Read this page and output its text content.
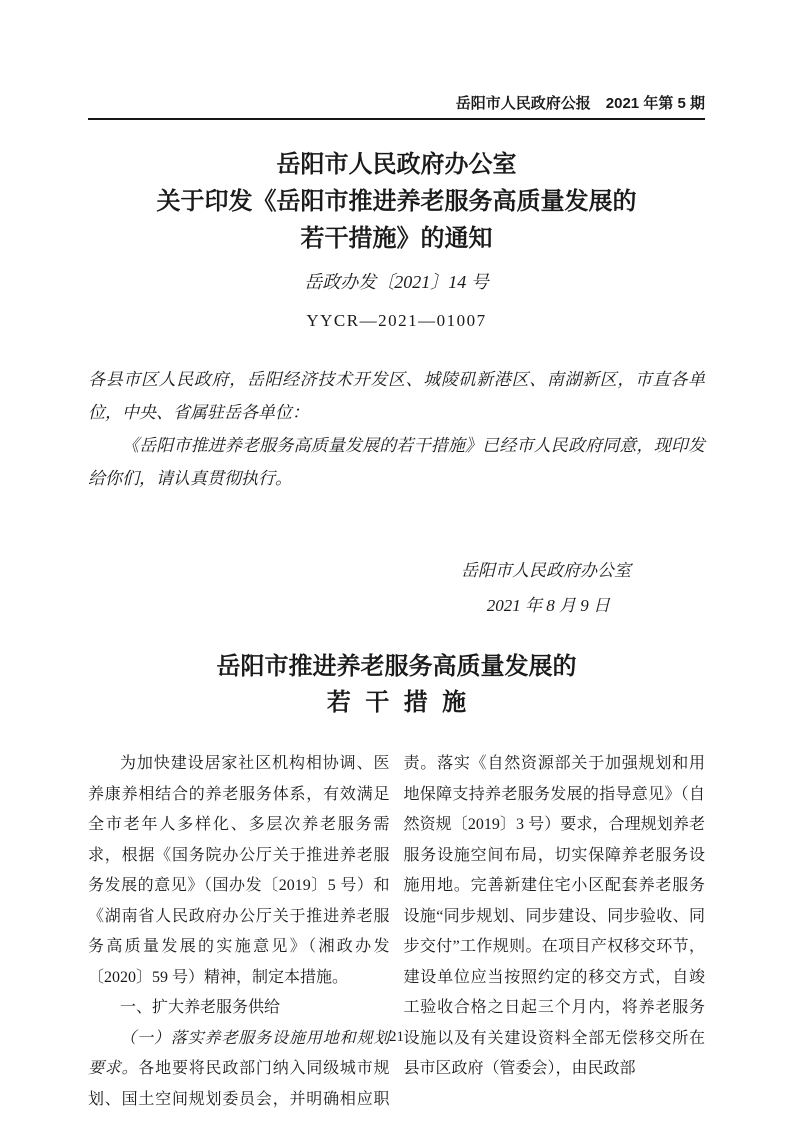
岳阳市人民政府公报 2021 年第 5 期
岳阳市人民政府办公室
关于印发《岳阳市推进养老服务高质量发展的
若干措施》的通知
岳政办发〔2021〕14 号
YYCR—2021—01007

各县市区人民政府，岳阳经济技术开发区、城陵矶新港区、南湖新区，市直各单位，中央、省属驻岳各单位：

《岳阳市推进养老服务高质量发展的若干措施》已经市人民政府同意，现印发给你们，请认真贯彻执行。

岳阳市人民政府办公室
2021 年 8 月 9 日
岳阳市推进养老服务高质量发展的
若干措施

为加快建设居家社区机构相协调、医养康养相结合的养老服务体系，有效满足全市老年人多样化、多层次养老服务需求，根据《国务院办公厅关于推进养老服务发展的意见》（国办发〔2019〕5 号）和《湖南省人民政府办公厅关于推进养老服务高质量发展的实施意见》（湘政办发〔2020〕59 号）精神，制定本措施。

一、扩大养老服务供给

（一）落实养老服务设施用地和规划要求。各地要将民政部门纳入同级城市规划、国土空间规划委员会，并明确相应职责。落实《自然资源部关于加强规划和用地保障支持养老服务发展的指导意见》（自然资规〔2019〕3 号）要求，合理规划养老服务设施空间布局，切实保障养老服务设施用地。完善新建住宅小区配套养老服务设施“同步规划、同步建设、同步验收、同步交付”工作规则。在项目产权移交环节，建设单位应当按照约定的移交方式，自竣工验收合格之日起三个月内，将养老服务设施以及有关建设资料全部无偿移交所在县市区政府（管委会），由民政部

21
